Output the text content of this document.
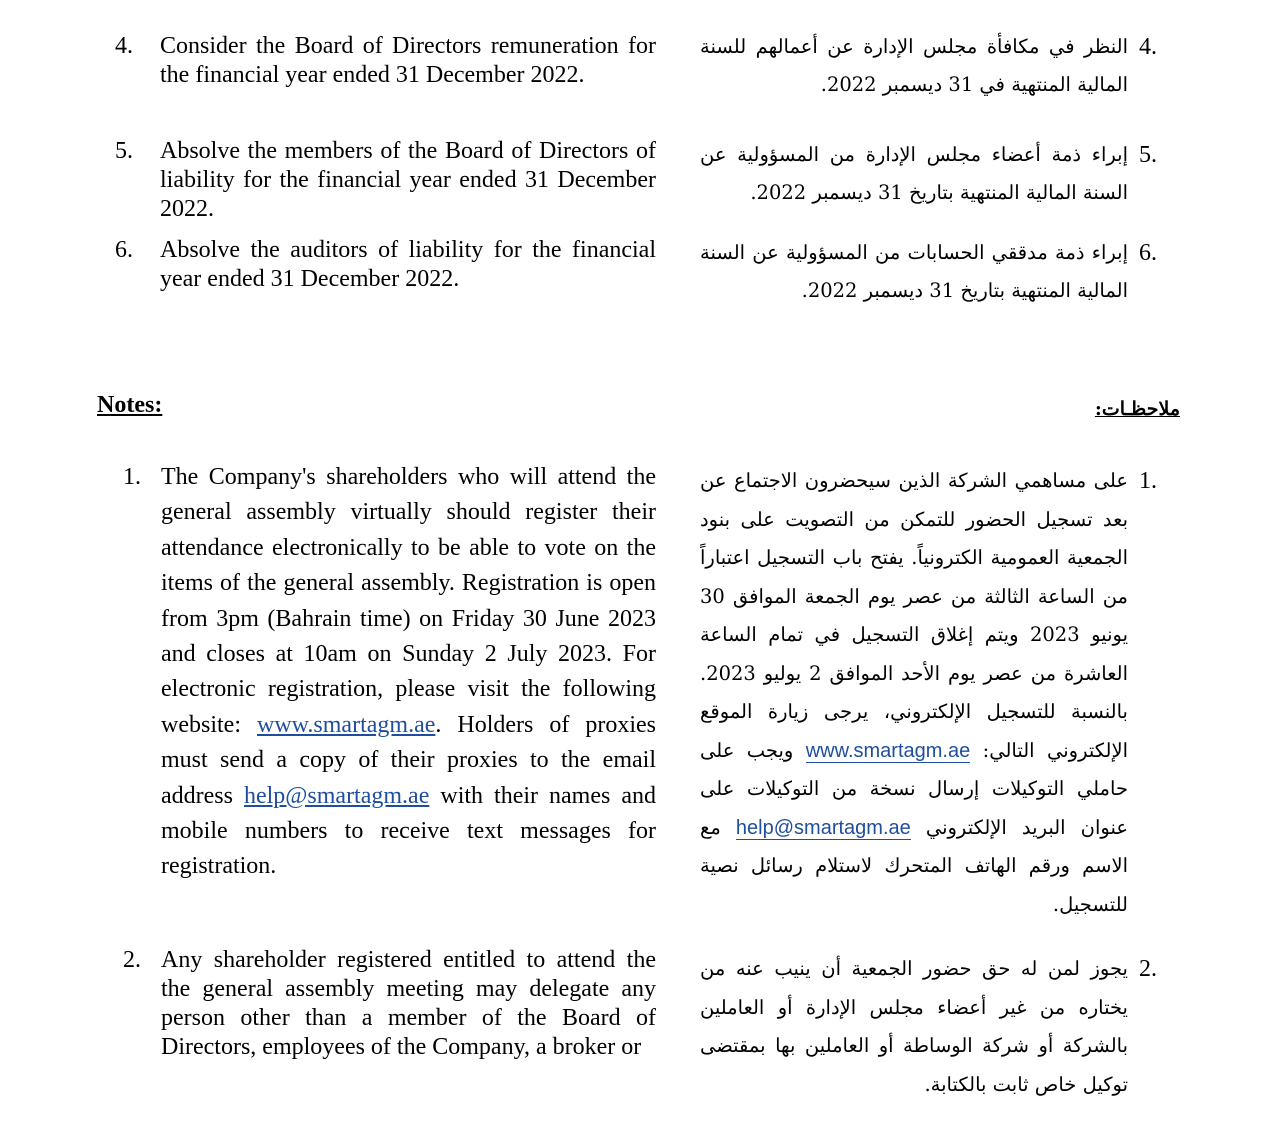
4. Consider the Board of Directors remuneration for the financial year ended 31 December 2022.
4.
النظر في مكافأة مجلس الإدارة عن أعمالهم للسنة المالية المنتهية في 31 ديسمبر 2022.
5. Absolve the members of the Board of Directors of liability for the financial year ended 31 December 2022.
5.
إبراء ذمة أعضاء مجلس الإدارة من المسؤولية عن السنة المالية المنتهية بتاريخ 31 ديسمبر 2022.
6. Absolve the auditors of liability for the financial year ended 31 December 2022.
6.
إبراء ذمة مدققي الحسابات من المسؤولية عن السنة المالية المنتهية بتاريخ 31 ديسمبر 2022.
Notes:	ملاحظـات:
1. The Company's shareholders who will attend the general assembly virtually should register their attendance electronically to be able to vote on the items of the general assembly. Registration is open from 3pm (Bahrain time) on Friday 30 June 2023 and closes at 10am on Sunday 2 July 2023. For electronic registration, please visit the following website: www.smartagm.ae. Holders of proxies must send a copy of their proxies to the email address help@smartagm.ae with their names and mobile numbers to receive text messages for registration.
1.
على مساهمي الشركة الذين سيحضرون الاجتماع عن بعد تسجيل الحضور للتمكن من التصويت على بنود الجمعية العمومية الكترونياً. يفتح باب التسجيل اعتباراً من الساعة الثالثة من عصر يوم الجمعة الموافق 30 يونيو 2023 ويتم إغلاق التسجيل في تمام الساعة العاشرة من عصر يوم الأحد الموافق 2 يوليو 2023. بالنسبة للتسجيل الإلكتروني، يرجى زيارة الموقع الإلكتروني التالي: www.smartagm.ae ويجب على حاملي التوكيلات إرسال نسخة من التوكيلات على عنوان البريد الإلكتروني help@smartagm.ae مع الاسم ورقم الهاتف المتحرك لاستلام رسائل نصية للتسجيل.
2. Any shareholder registered entitled to attend the the general assembly meeting may delegate any person other than a member of the Board of Directors, employees of the Company, a broker or
2.
يجوز لمن له حق حضور الجمعية أن ينيب عنه من يختاره من غير أعضاء مجلس الإدارة أو العاملين بالشركة أو شركة الوساطة أو العاملين بها بمقتضى توكيل خاص ثابت بالكتابة.
